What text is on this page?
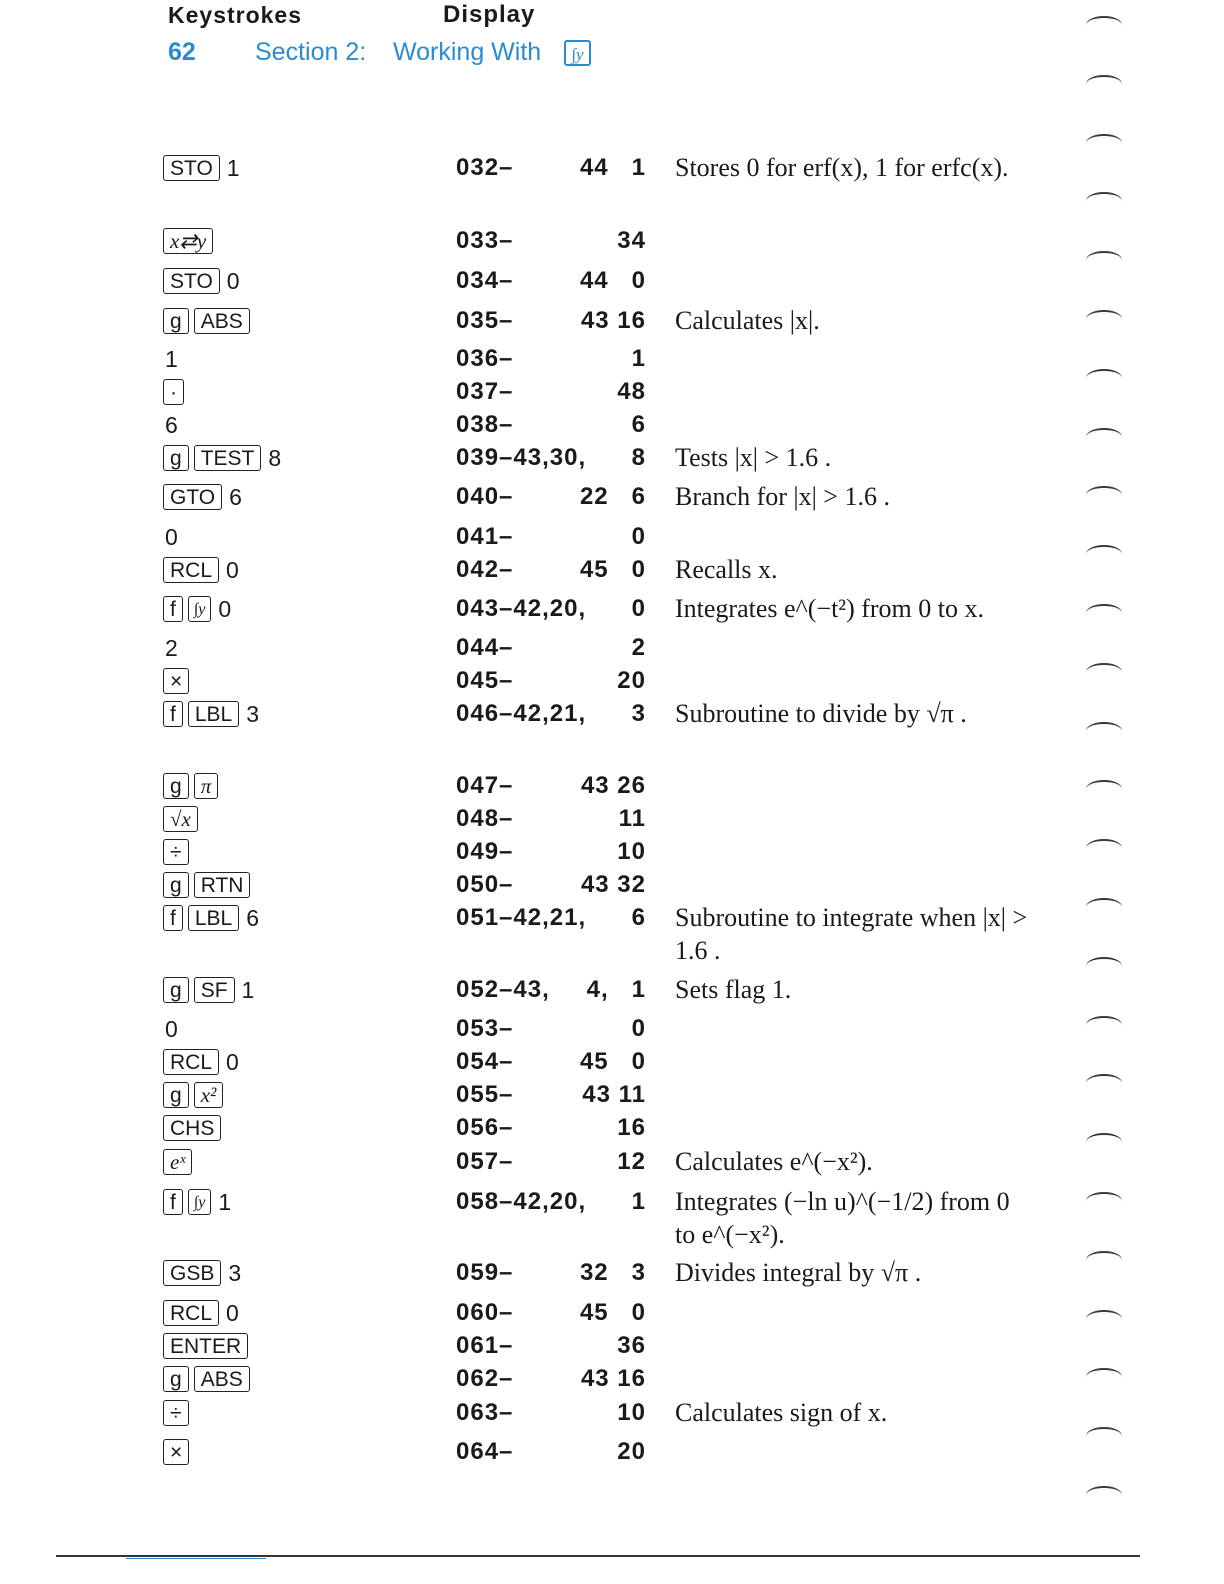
62 Section 2: Working With	∫y
Keystrokes	Display
STO 1	032–	44   1 Stores 0 for erf(x), 1 for erfc(x).
x⇄y	033–	34
STO 0	034–	44   0
g ABS	035–	43 16 Calculates |x|.
1	036–	1
·	037–	48
6	038–	6
g TEST 8	039–43,30, 8 Tests |x| > 1.6 .
GTO 6	040–	22   6 Branch for |x| > 1.6 .
0	041–	0
RCL 0	042–	45   0 Recalls x.
f	∫y 0	043–42,20, 0 Integrates e^(−t²) from 0 to x.
2	044–	2
×	045–	20
f LBL 3	046–42,21, 3 Subroutine to divide by √π .
g π	047–	43 26
√x	048–	11
÷	049–	10
g RTN	050–	43 32
f LBL 6	051–42,21, 6 Subroutine to integrate when |x| > 1.6 .
g SF 1	052–43, 4,   1 Sets flag 1.
0	053–	0
RCL 0	054–	45   0
g x²	055–	43 11
CHS	056–	16
eˣ	057–	12 Calculates e^(−x²).
f	∫y 1	058–42,20, 1 Integrates (−ln u)^(−1/2) from 0 to e^(−x²).
GSB 3	059–	32   3 Divides integral by √π .
RCL 0	060–	45   0
ENTER	061–	36
g ABS	062–	43 16
÷	063–	10 Calculates sign of x.
×	064–	20
